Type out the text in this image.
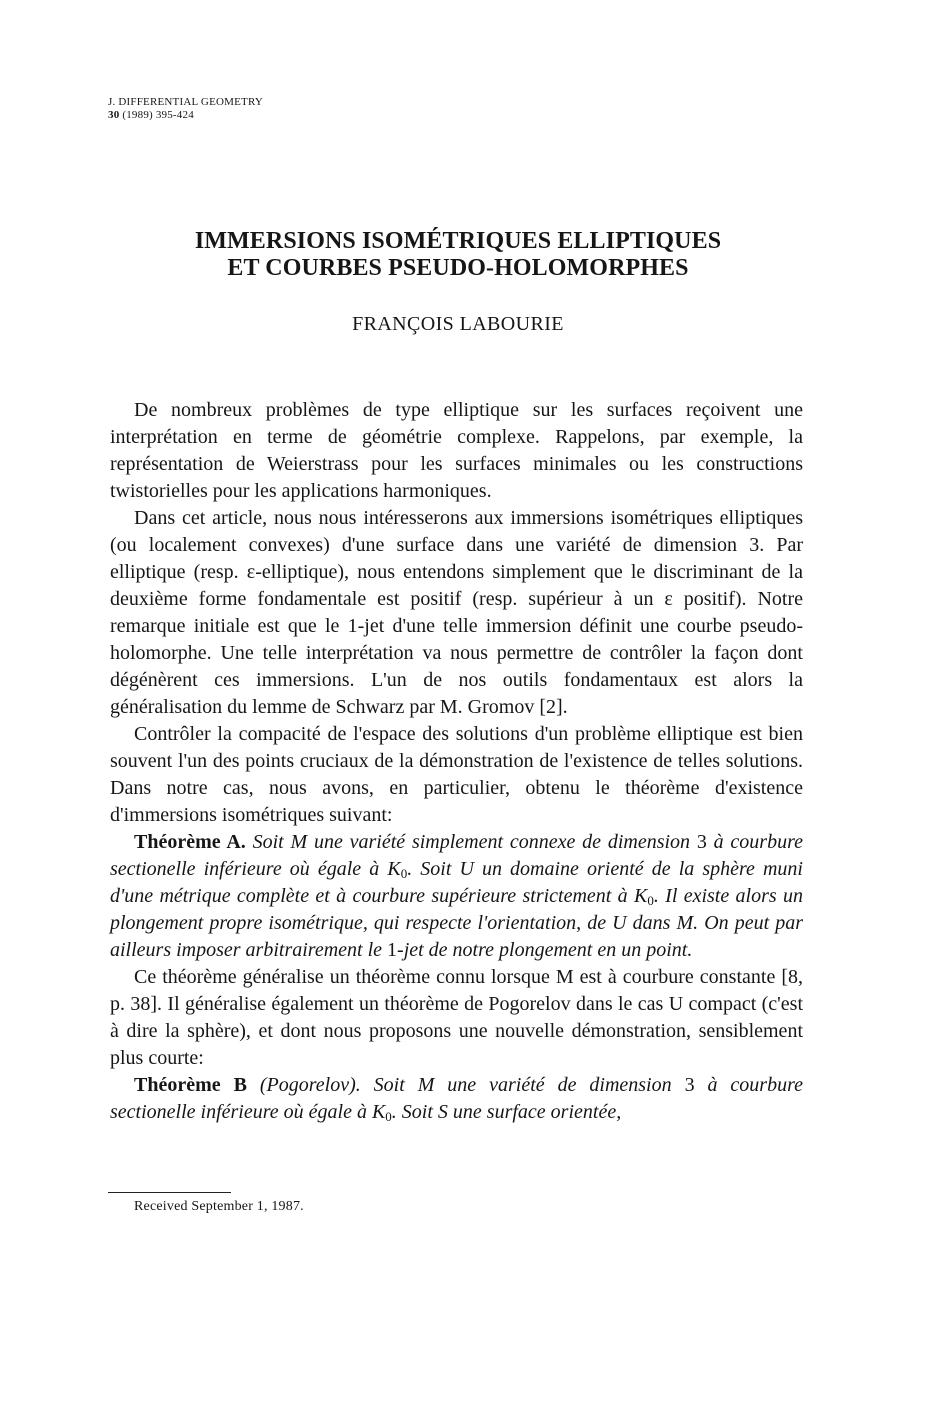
J. DIFFERENTIAL GEOMETRY
30 (1989) 395-424
IMMERSIONS ISOMÉTRIQUES ELLIPTIQUES
ET COURBES PSEUDO-HOLOMORPHES
FRANÇOIS LABOURIE

De nombreux problèmes de type elliptique sur les surfaces reçoivent une interprétation en terme de géométrie complexe. Rappelons, par exemple, la représentation de Weierstrass pour les surfaces minimales ou les constructions twistorielles pour les applications harmoniques.

Dans cet article, nous nous intéresserons aux immersions isométriques elliptiques (ou localement convexes) d'une surface dans une variété de dimension 3. Par elliptique (resp. ε-elliptique), nous entendons simplement que le discriminant de la deuxième forme fondamentale est positif (resp. supérieur à un ε positif). Notre remarque initiale est que le 1-jet d'une telle immersion définit une courbe pseudo-holomorphe. Une telle interprétation va nous permettre de contrôler la façon dont dégénèrent ces immersions. L'un de nos outils fondamentaux est alors la généralisation du lemme de Schwarz par M. Gromov [2].

Contrôler la compacité de l'espace des solutions d'un problème elliptique est bien souvent l'un des points cruciaux de la démonstration de l'existence de telles solutions. Dans notre cas, nous avons, en particulier, obtenu le théorème d'existence d'immersions isométriques suivant:

Théorème A. Soit M une variété simplement connexe de dimension 3 à courbure sectionelle inférieure où égale à $K_0$. Soit U un domaine orienté de la sphère muni d'une métrique complète et à courbure supérieure strictement à $K_0$. Il existe alors un plongement propre isométrique, qui respecte l'orientation, de U dans M. On peut par ailleurs imposer arbitrairement le 1-jet de notre plongement en un point.

Ce théorème généralise un théorème connu lorsque M est à courbure constante [8, p. 38]. Il généralise également un théorème de Pogorelov dans le cas U compact (c'est à dire la sphère), et dont nous proposons une nouvelle démonstration, sensiblement plus courte:

Théorème B (Pogorelov). Soit M une variété de dimension 3 à courbure sectionelle inférieure où égale à $K_0$. Soit S une surface orientée,

Received September 1, 1987.
